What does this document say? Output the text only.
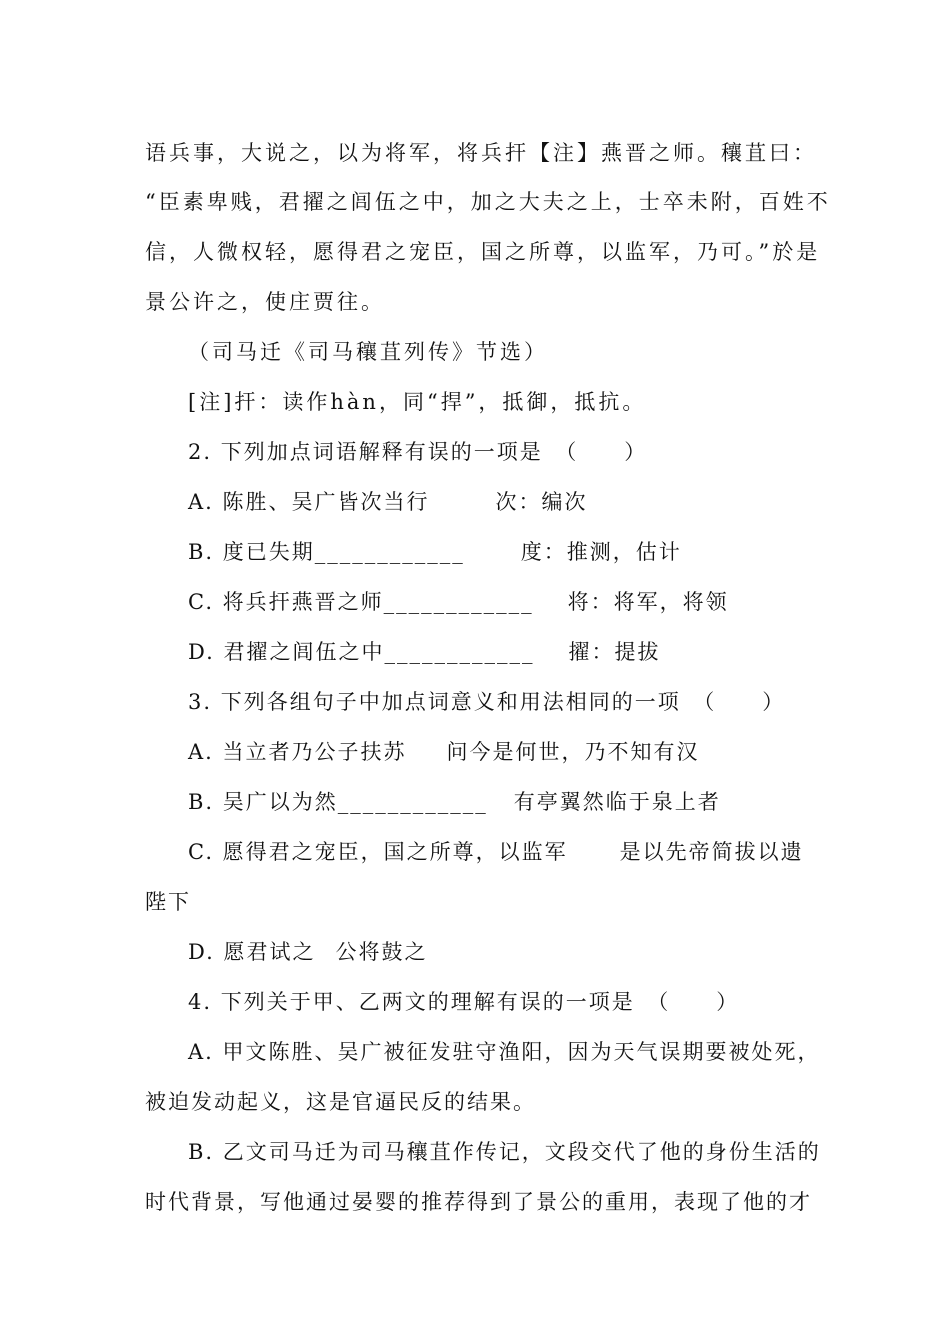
语兵事，大说之，以为将军，将兵扞【注】燕晋之师。穰苴曰：
“臣素卑贱，君擢之闾伍之中，加之大夫之上，士卒未附，百姓不
信，人微权轻，愿得君之宠臣，国之所尊，以监军，乃可。”於是
景公许之，使庄贾往。
（司马迁《司马穰苴列传》节选）
[注]扞：读作hàn，同“捍”，抵御，抵抗。
2. 下列加点词语解释有误的一项是　（　　）
A. 陈胜、吴广皆次当行	次：编次
B. 度已失期____________	度：推测，估计
C. 将兵扞燕晋之师____________ 将：将军，将领
D. 君擢之闾伍之中____________ 擢：提拔
3. 下列各组句子中加点词意义和用法相同的一项　（　　）
A. 当立者乃公子扶苏 问今是何世，乃不知有汉
B. 吴广以为然____________ 有亭翼然临于泉上者
C. 愿得君之宠臣，国之所尊，以监军 是以先帝简拔以遗
陛下
D. 愿君试之 公将鼓之
4. 下列关于甲、乙两文的理解有误的一项是　（　　）
A. 甲文陈胜、吴广被征发驻守渔阳，因为天气误期要被处死，
被迫发动起义，这是官逼民反的结果。
B. 乙文司马迁为司马穰苴作传记，文段交代了他的身份生活的
时代背景，写他通过晏婴的推荐得到了景公的重用，表现了他的才
